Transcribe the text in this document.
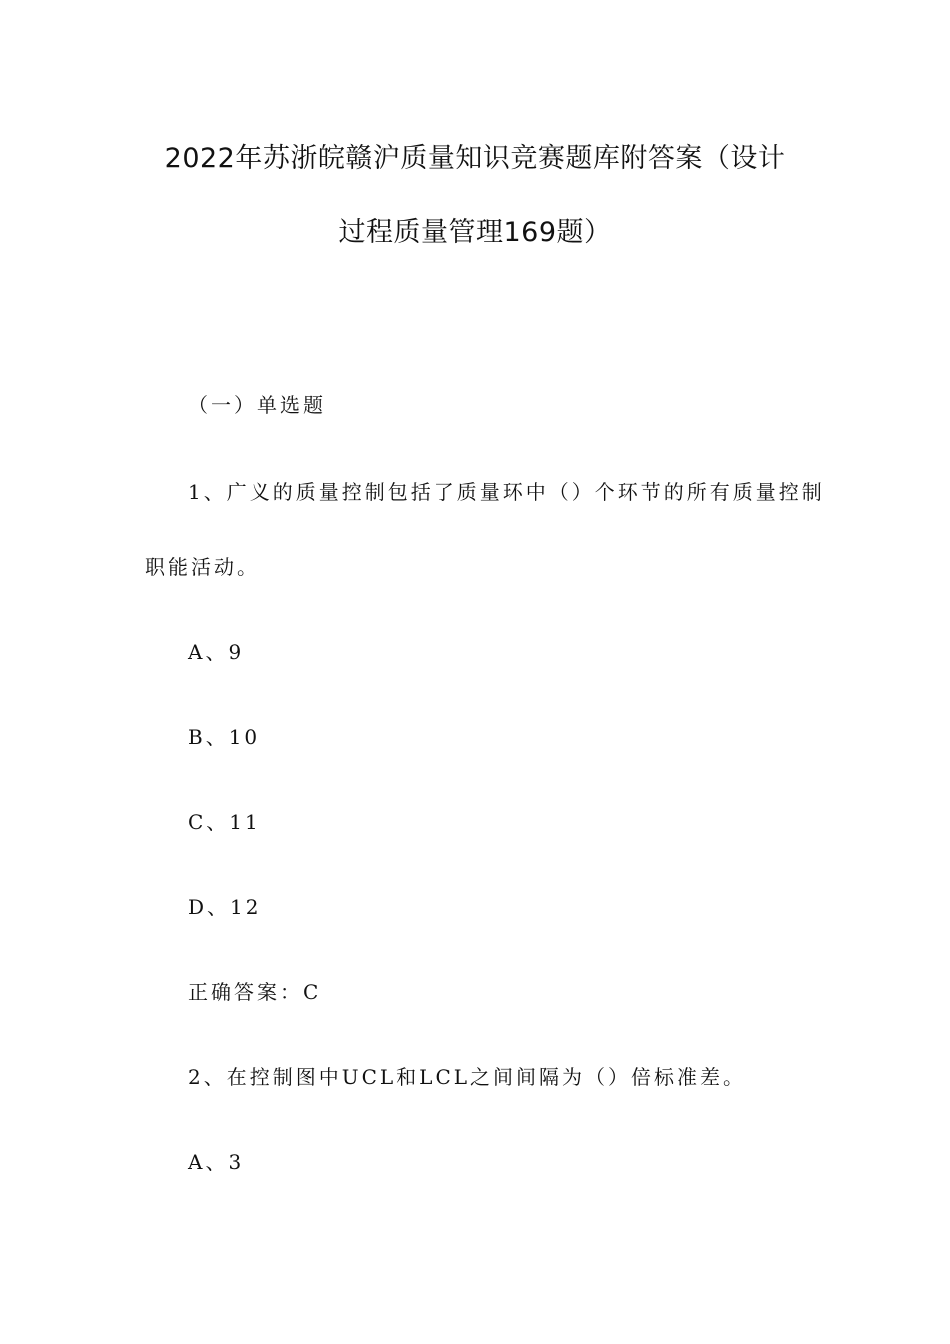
2022年苏浙皖赣沪质量知识竞赛题库附答案（设计
过程质量管理169题）
（一）单选题
1、广义的质量控制包括了质量环中（）个环节的所有质量控制
职能活动。
A、9
B、10
C、11
D、12
正确答案：C
2、在控制图中UCL和LCL之间间隔为（）倍标准差。
A、3
